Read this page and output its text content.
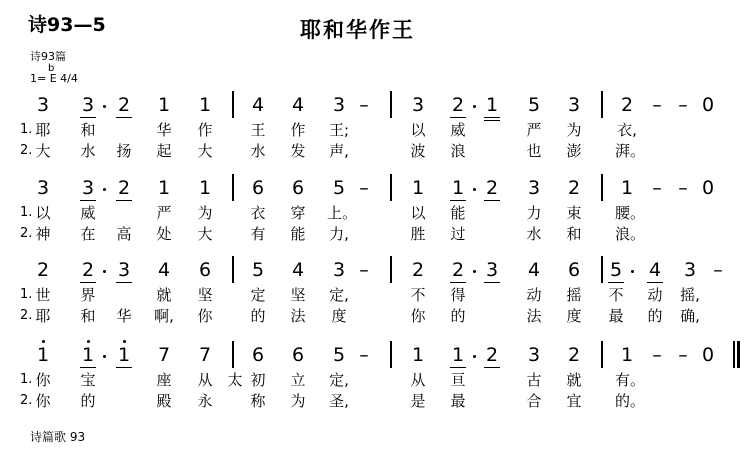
诗93—5	耶和华作王
诗93篇
b
1= E 4/4
3 3 2 1 1 4 4 3 –	3 2 1 5 3 2	– – 0
1. 耶	和	华	作	王	作	王;	以	威	严	为	衣,
2. 大	水	扬	起	大	水	发	声,	波	浪	也	澎	湃。
3 3 2 1 1 6 6 5 –	1 1 2 3 2 1	– – 0
1. 以	威	严	为	衣	穿	上。	以	能	力	束	腰。
2. 神	在	高	处	大	有	能	力,	胜	过	水	和	浪。
2 2 3 4 6 5 4 3 –	2 2 3 4 6 5 4 3 –
1. 世	界	就	坚	定	坚	定,	不	得	动	摇	不	动	摇,
2. 耶	和	华	啊, 你	的	法	度	你	的	法	度	最	的	确,
1 1 1 7 7 6 6 5 –	1 1 2 3 2 1	– – 0
1. 你	宝	座	从 太 初	立	定,	从	亘	古	就	有。
2. 你	的	殿	永	称	为	圣,	是	最	合	宜	的。
诗篇歌 93
